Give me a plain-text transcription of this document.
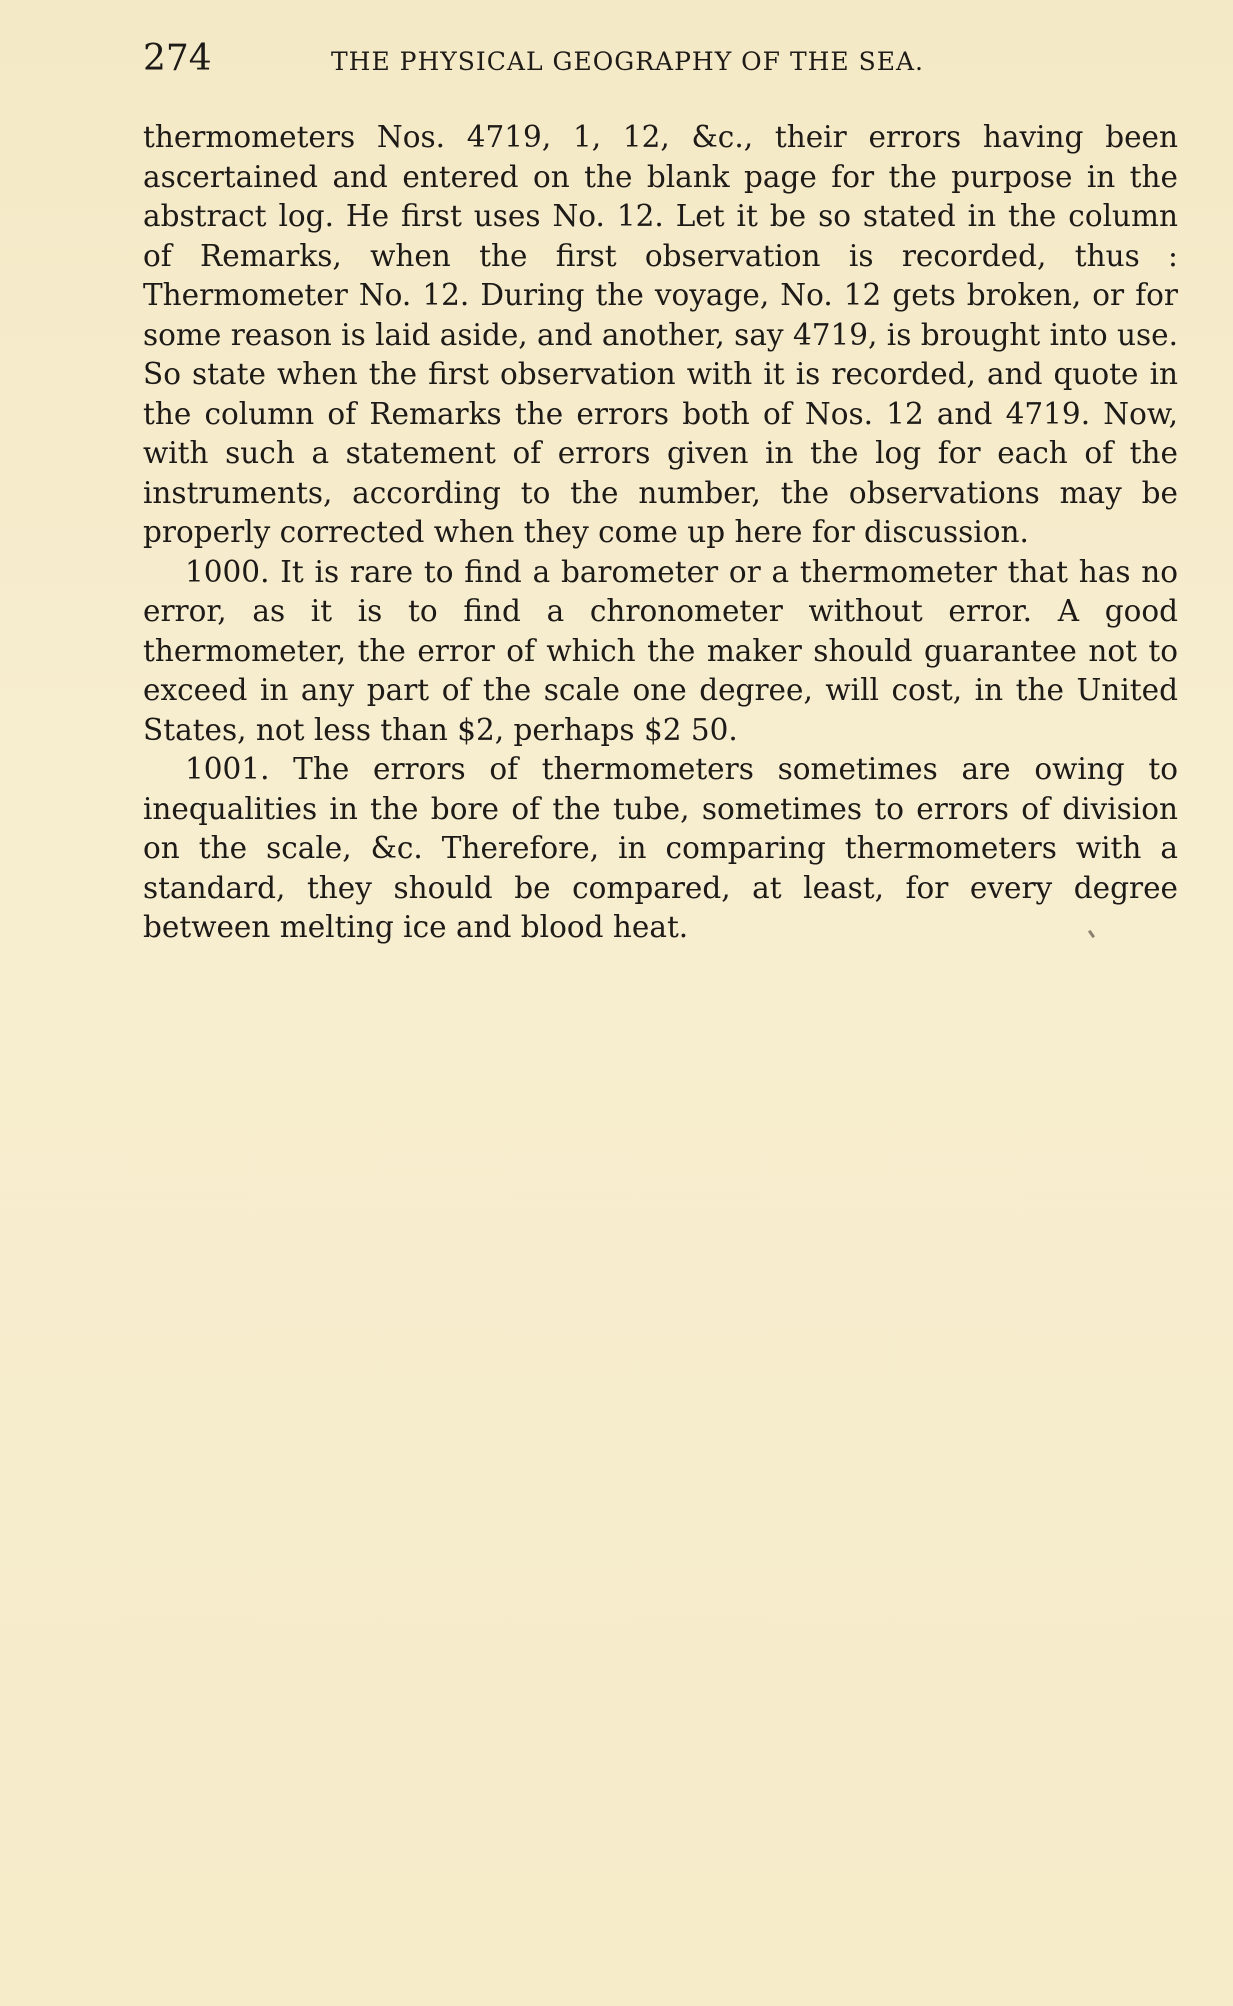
274	THE PHYSICAL GEOGRAPHY OF THE SEA.

thermometers Nos. 4719, 1, 12, &c., their errors having been ascertained and entered on the blank page for the purpose in the abstract log. He first uses No. 12. Let it be so stated in the column of Remarks, when the first observation is recorded, thus : Thermometer No. 12. During the voyage, No. 12 gets broken, or for some reason is laid aside, and another, say 4719, is brought into use. So state when the first observation with it is recorded, and quote in the column of Remarks the errors both of Nos. 12 and 4719. Now, with such a statement of errors given in the log for each of the instruments, according to the number, the observations may be properly corrected when they come up here for discussion.

1000. It is rare to find a barometer or a thermometer that has no error, as it is to find a chronometer without error. A good thermometer, the error of which the maker should guarantee not to exceed in any part of the scale one degree, will cost, in the United States, not less than $2, perhaps $2 50.

1001. The errors of thermometers sometimes are owing to inequalities in the bore of the tube, sometimes to errors of division on the scale, &c. Therefore, in comparing thermometers with a standard, they should be compared, at least, for every degree between melting ice and blood heat.
